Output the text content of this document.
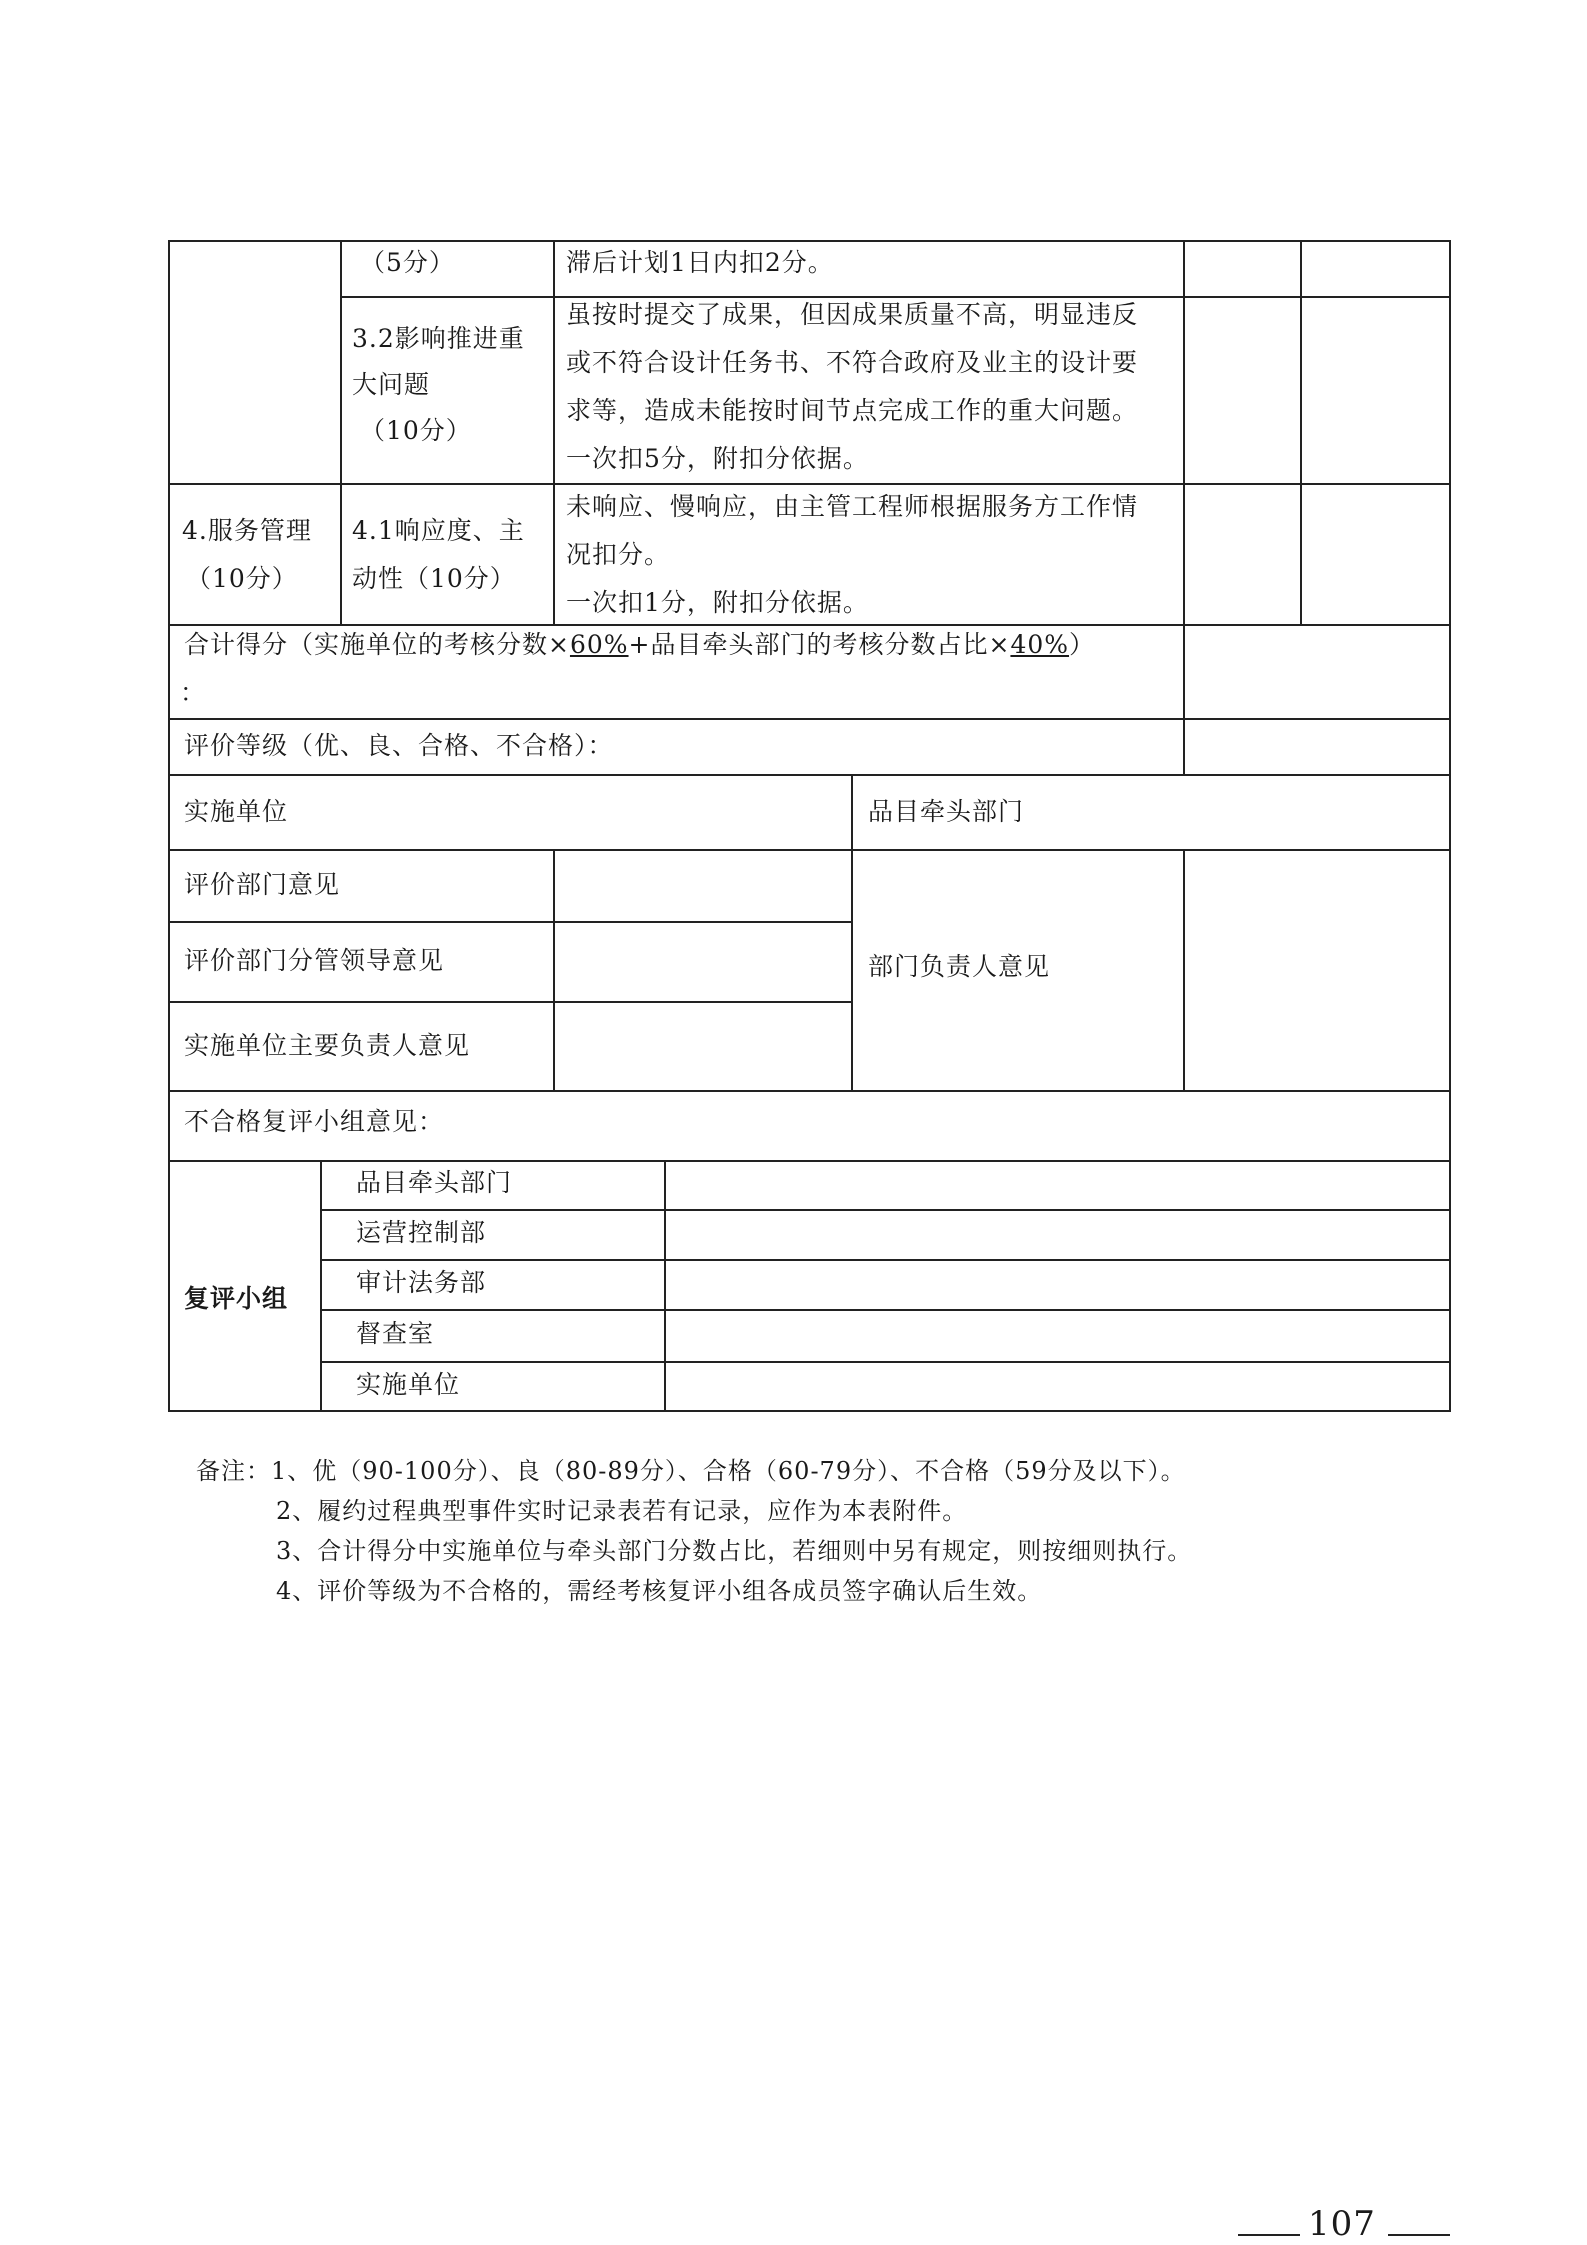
（5分）	滞后计划1日内扣2分。
3.2影响推进重
大问题
（10分）
虽按时提交了成果，但因成果质量不高，明显违反
或不符合设计任务书、不符合政府及业主的设计要
求等，造成未能按时间节点完成工作的重大问题。
一次扣5分，附扣分依据。
4.服务管理
（10分）
4.1响应度、主
动性（10分）
未响应、慢响应，由主管工程师根据服务方工作情
况扣分。
一次扣1分，附扣分依据。
合计得分（实施单位的考核分数×60%+品目牵头部门的考核分数占比×40%）
：
评价等级（优、良、合格、不合格）：
实施单位	品目牵头部门
评价部门意见
评价部门分管领导意见
实施单位主要负责人意见
部门负责人意见
不合格复评小组意见：
复评小组
品目牵头部门
运营控制部
审计法务部
督查室
实施单位
备注：1、优（90-100分）、良（80-89分）、合格（60-79分）、不合格（59分及以下）。
2、履约过程典型事件实时记录表若有记录，应作为本表附件。
3、合计得分中实施单位与牵头部门分数占比，若细则中另有规定，则按细则执行。
4、评价等级为不合格的，需经考核复评小组各成员签字确认后生效。
107
